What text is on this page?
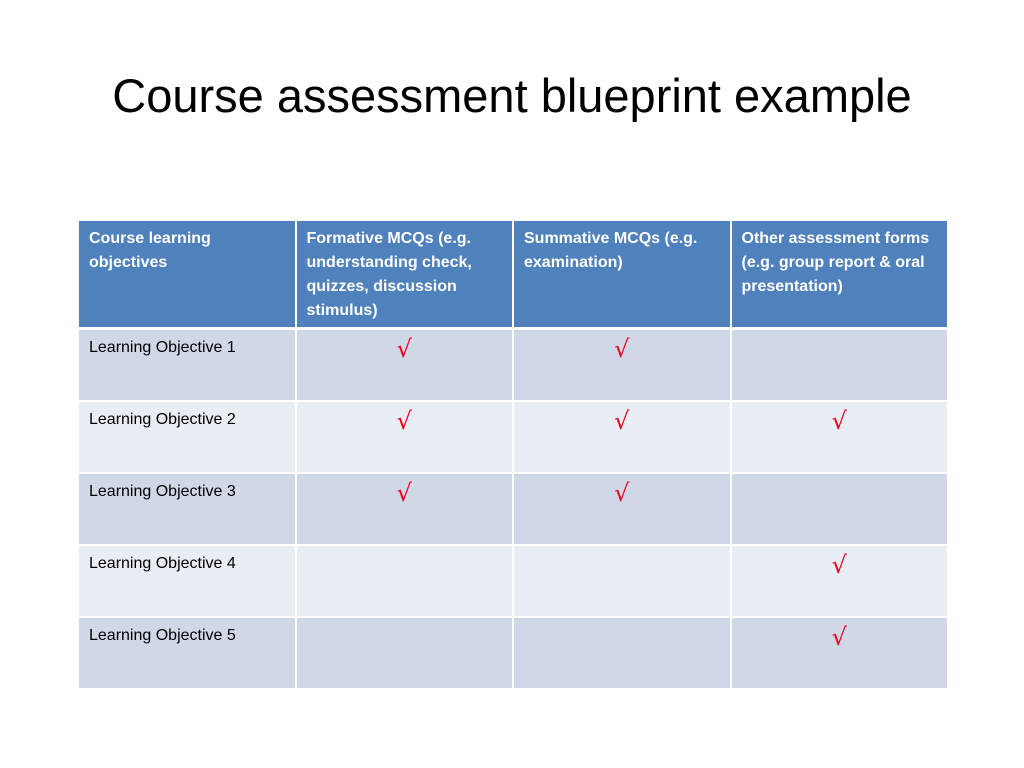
Course assessment blueprint example
Course learning objectives	Formative MCQs (e.g. understanding check, quizzes, discussion stimulus)	Summative MCQs (e.g. examination)	Other assessment forms (e.g. group report & oral presentation)
Learning Objective 1	√	√	
Learning Objective 2	√	√	√
Learning Objective 3	√	√	
Learning Objective 4			√
Learning Objective 5			√
